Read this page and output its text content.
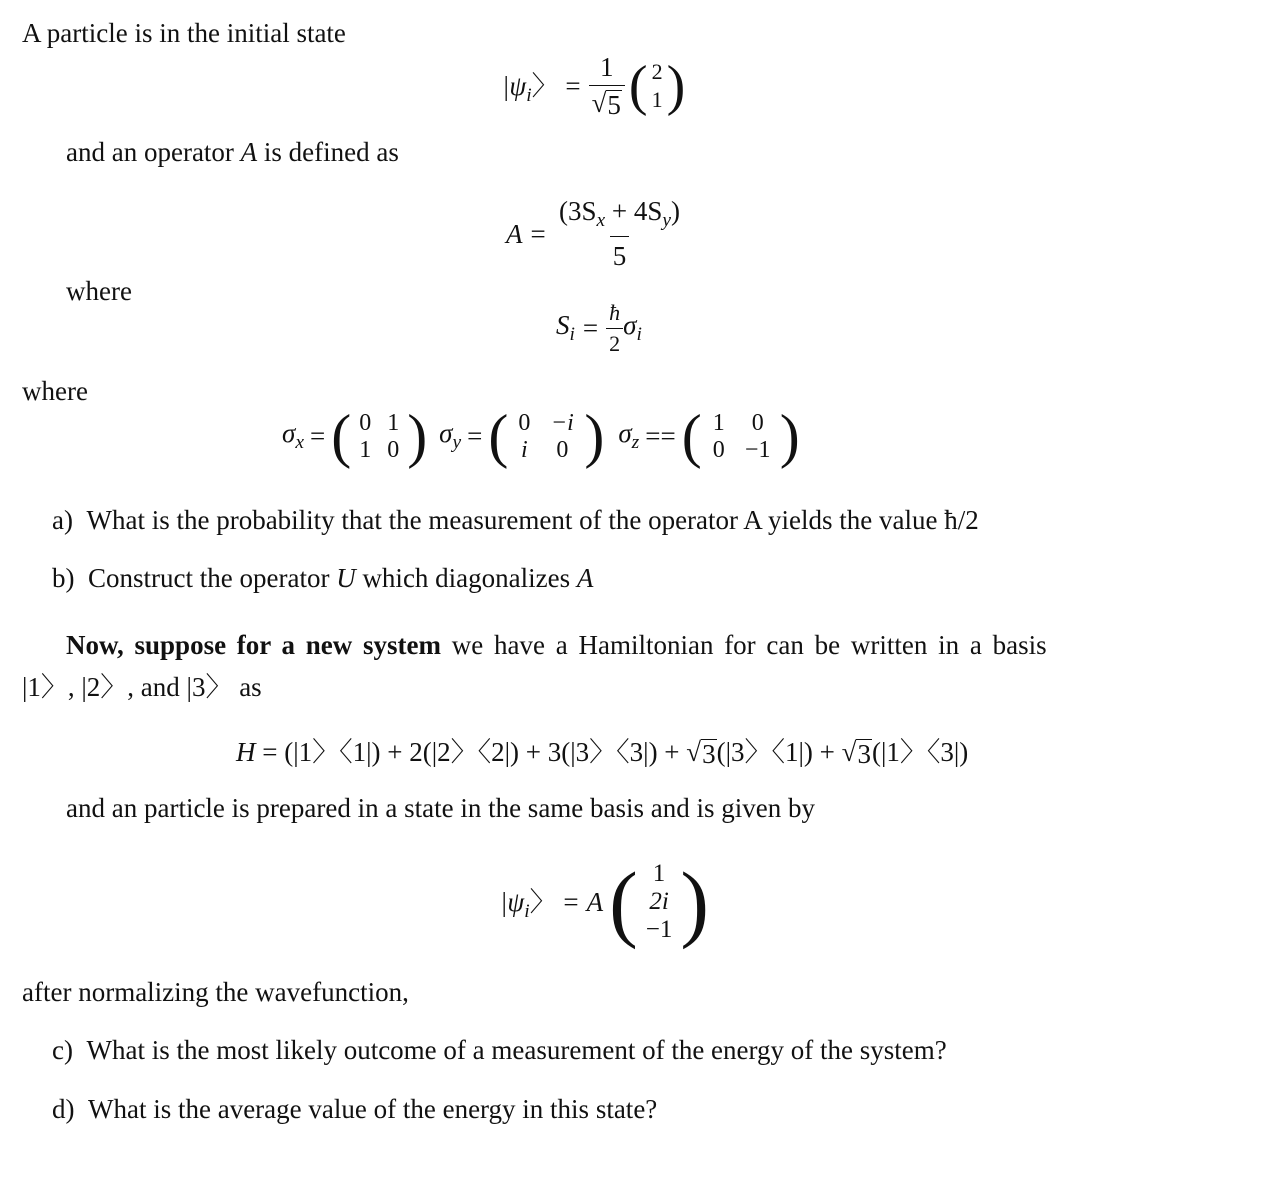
A particle is in the initial state
$|\psi_i$〉 = $\frac{1}{√ 5}$ ( 2
1 )
and an operator A is defined as
$A = \frac{(3S_x + 4S_y)}{5}$
where
$S_i = \frac{ħ}{2} \sigma_i$
where
$\sigma_x$ = ( 0 1
1 0 ) $\sigma_y$ = ( 0 −i
i	0 ) $\sigma_z$ == ( 1	0
0 −1 )
a) What is the probability that the measurement of the operator A yields the value ħ/2
b) Construct the operator U which diagonalizes A
Now, suppose for a new system we have a Hamiltonian for can be written in a basis
|1〉, |2〉, and |3〉 as
H = (|1〉〈1|) + 2(|2〉〈2|) + 3(|3〉〈3|) + √ 3 (|3〉〈1|) + √ 3 (|1〉〈3|)
and an particle is prepared in a state in the same basis and is given by
$|\psi_i$〉 = A ( 1
2i
−1 )
after normalizing the wavefunction,
c) What is the most likely outcome of a measurement of the energy of the system?
d) What is the average value of the energy in this state?
